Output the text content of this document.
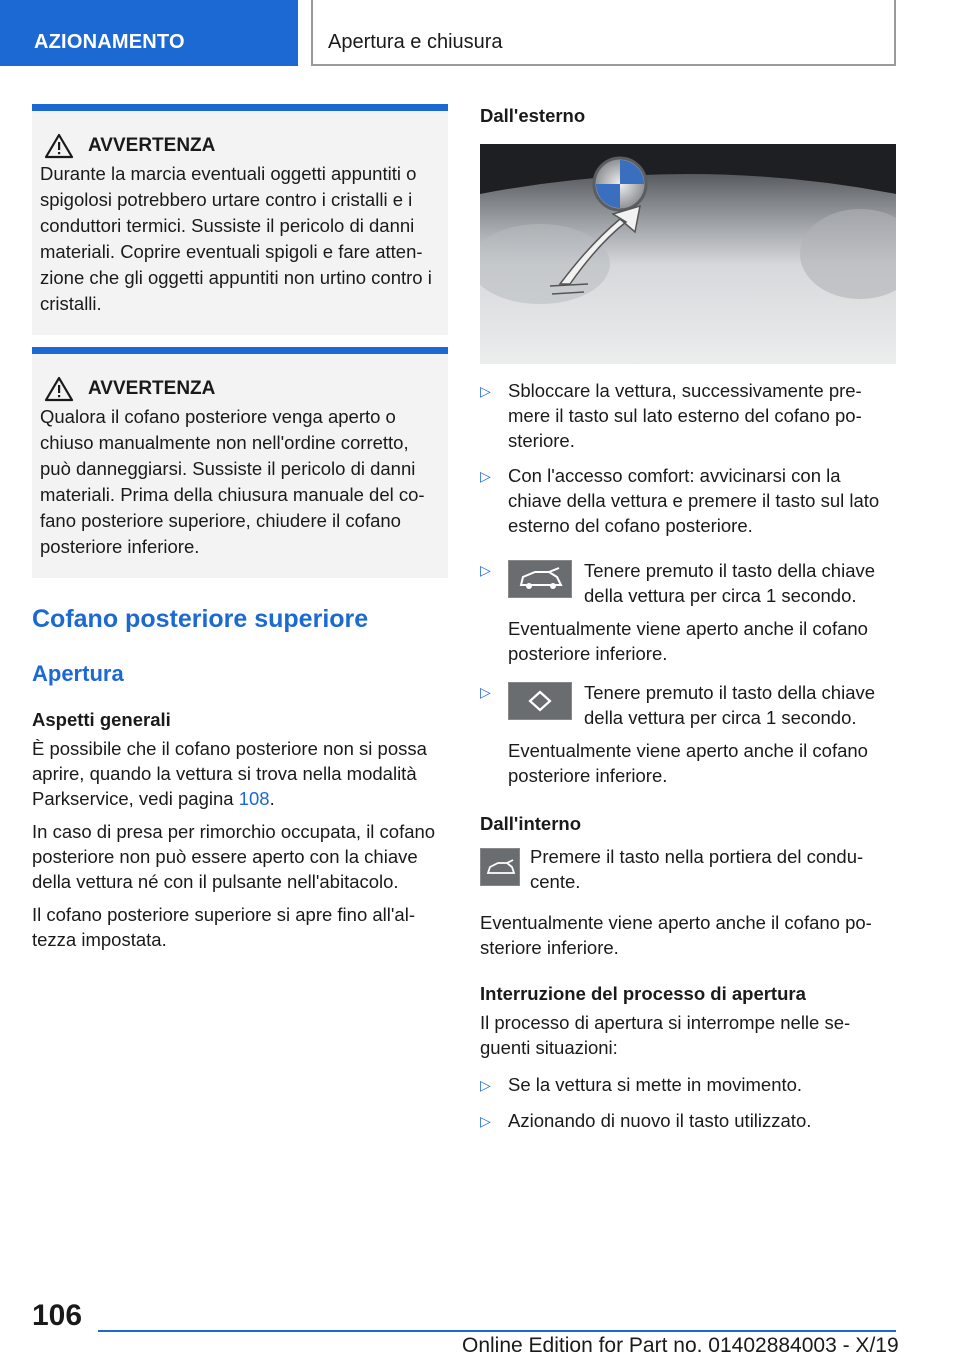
AZIONAMENTO	Apertura e chiusura
AVVERTENZA
Durante la marcia eventuali oggetti appuntiti o spigolosi potrebbero urtare contro i cristalli e i conduttori termici. Sussiste il pericolo di danni materiali. Coprire eventuali spigoli e fare atten‐zione che gli oggetti appuntiti non urtino contro i cristalli.
AVVERTENZA
Qualora il cofano posteriore venga aperto o chiuso manualmente non nell'ordine corretto, può danneggiarsi. Sussiste il pericolo di danni materiali. Prima della chiusura manuale del co‐fano posteriore superiore, chiudere il cofano posteriore inferiore.
Cofano posteriore superiore
Apertura
Aspetti generali
È possibile che il cofano posteriore non si possa aprire, quando la vettura si trova nella modalità Parkservice, vedi pagina 108.
In caso di presa per rimorchio occupata, il cofano posteriore non può essere aperto con la chiave della vettura né con il pulsante nell'abitacolo.
Il cofano posteriore superiore si apre fino all'al‐tezza impostata.
Dall'esterno
▷ Sbloccare la vettura, successivamente pre‐mere il tasto sul lato esterno del cofano po‐steriore.
▷ Con l'accesso comfort: avvicinarsi con la chiave della vettura e premere il tasto sul lato esterno del cofano posteriore.
▷	Tenere premuto il tasto della chiave della vettura per circa 1 secondo.
Eventualmente viene aperto anche il cofano posteriore inferiore.
▷	Tenere premuto il tasto della chiave della vettura per circa 1 secondo.
Eventualmente viene aperto anche il cofano posteriore inferiore.
Dall'interno
Premere il tasto nella portiera del condu‐cente.
Eventualmente viene aperto anche il cofano po‐steriore inferiore.
Interruzione del processo di apertura
Il processo di apertura si interrompe nelle se‐guenti situazioni:
▷ Se la vettura si mette in movimento.
▷ Azionando di nuovo il tasto utilizzato.
106
Online Edition for Part no. 01402884003 - X/19
